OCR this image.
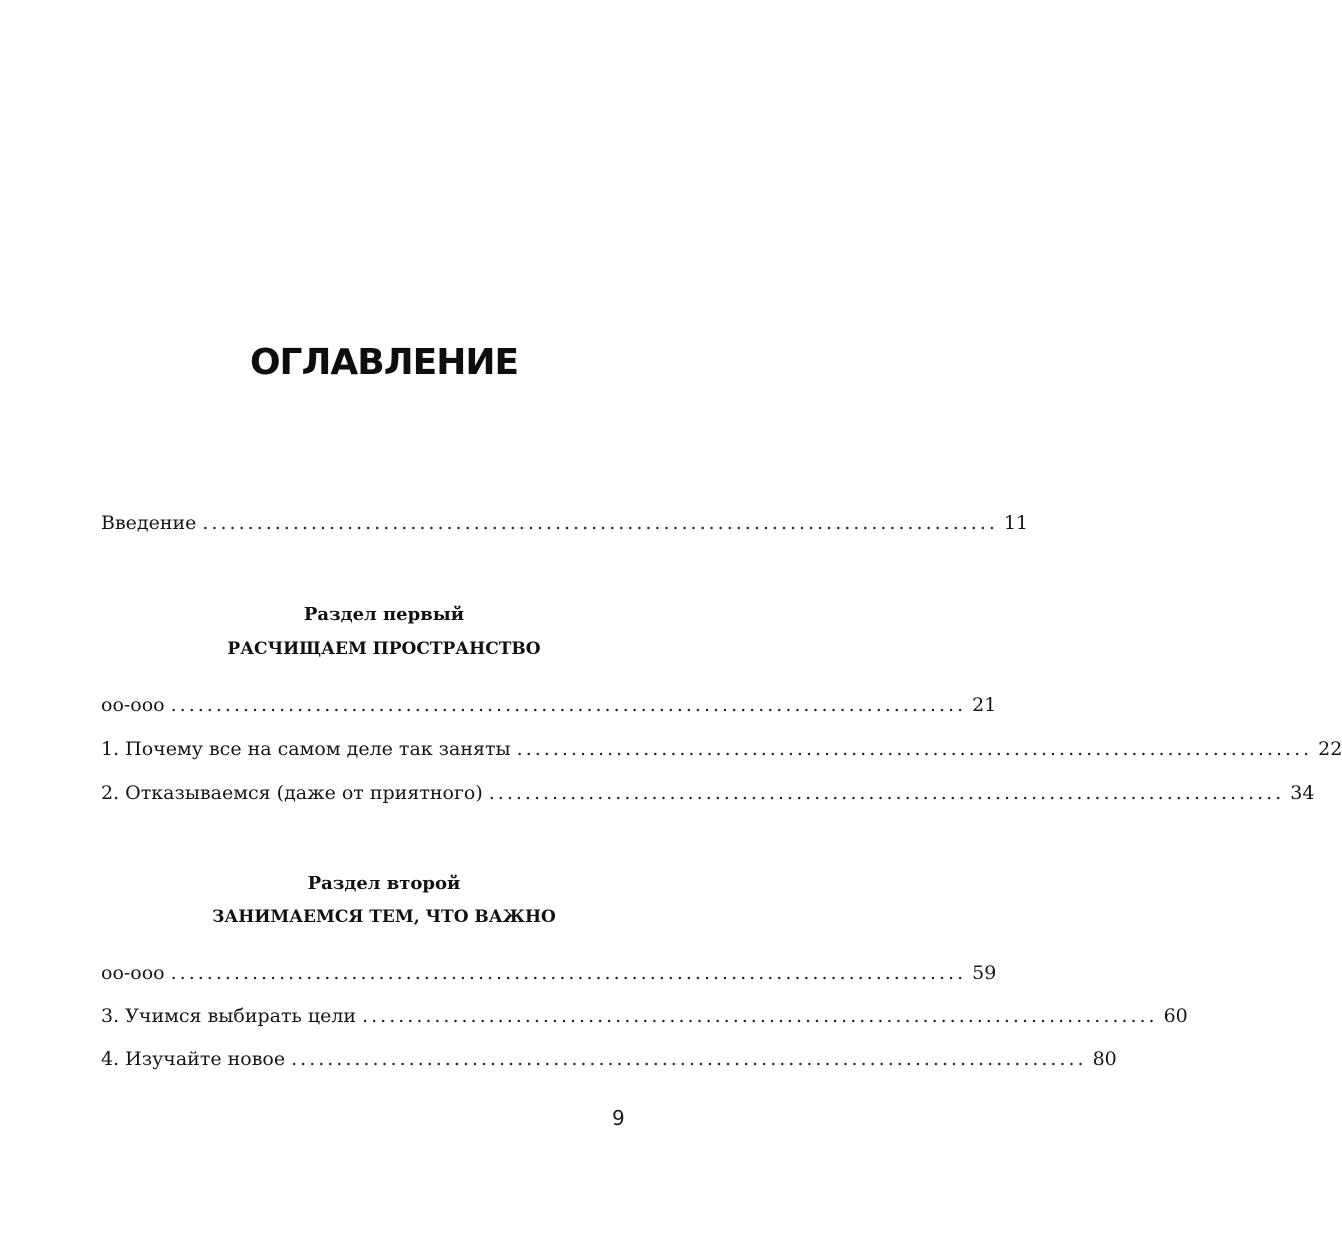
ОГЛАВЛЕНИЕ
Введение ........................................................................................ 11
Раздел первый
РАСЧИЩАЕМ ПРОСТРАНСТВО
оо-ооо ........................................................................................ 21
1. Почему все на самом деле так заняты ........................................................................................ 22
2. Отказываемся (даже от приятного) ........................................................................................ 34
Раздел второй
ЗАНИМАЕМСЯ ТЕМ, ЧТО ВАЖНО
оо-ооо ........................................................................................ 59
3. Учимся выбирать цели ........................................................................................ 60
4. Изучайте новое ........................................................................................ 80
9
